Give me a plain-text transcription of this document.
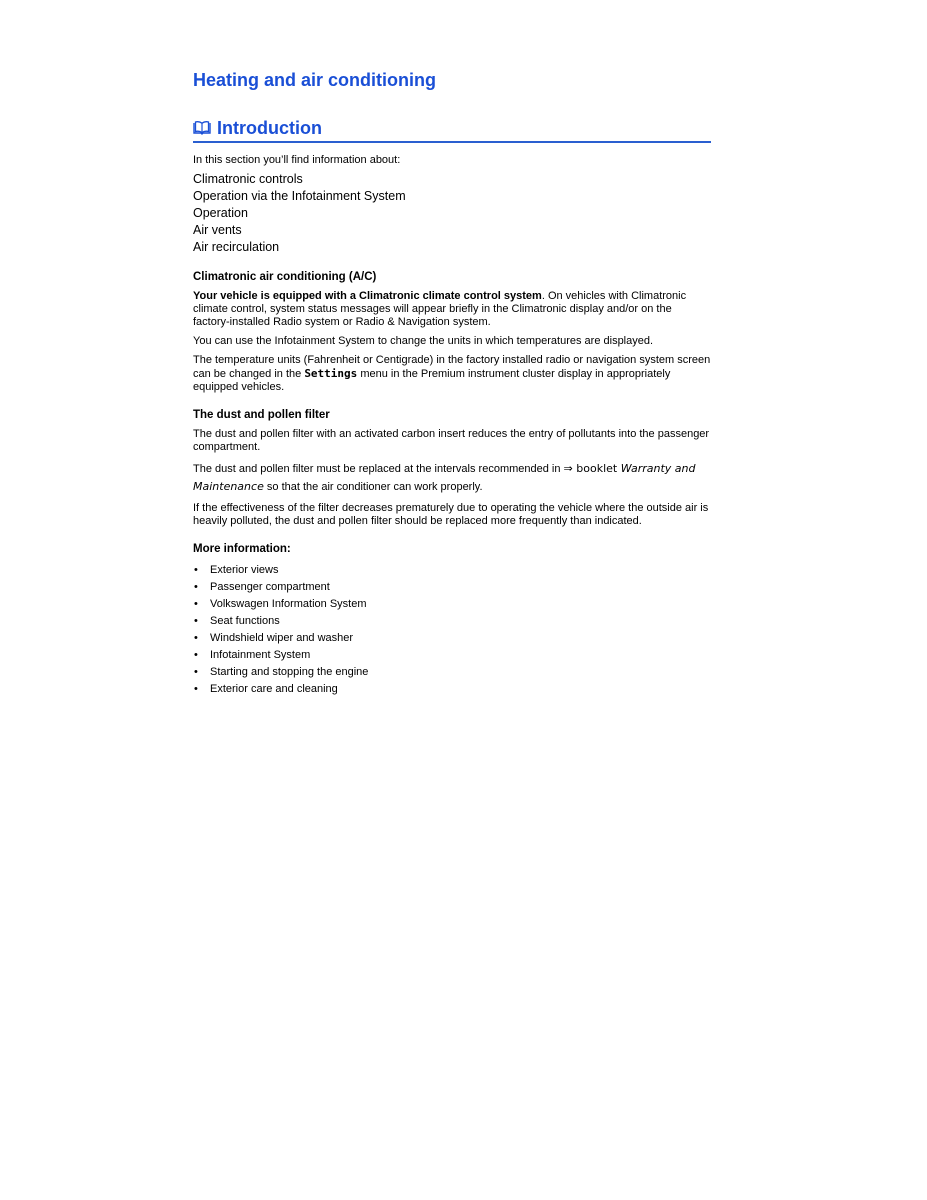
Heating and air conditioning
Introduction
In this section you’ll find information about:
Climatronic controls
Operation via the Infotainment System
Operation
Air vents
Air recirculation
Climatronic air conditioning (A/C)

Your vehicle is equipped with a Climatronic climate control system. On vehicles with Climatronic climate control, system status messages will appear briefly in the Climatronic display and/or on the factory-installed Radio system or Radio & Navigation system.

You can use the Infotainment System to change the units in which temperatures are displayed.

The temperature units (Fahrenheit or Centigrade) in the factory installed radio or navigation system screen can be changed in the Settings menu in the Premium instrument cluster display in appropriately equipped vehicles.

The dust and pollen filter

The dust and pollen filter with an activated carbon insert reduces the entry of pollutants into the passenger compartment.

The dust and pollen filter must be replaced at the intervals recommended in ⇒ booklet Warranty and Maintenance so that the air conditioner can work properly.

If the effectiveness of the filter decreases prematurely due to operating the vehicle where the outside air is heavily polluted, the dust and pollen filter should be replaced more frequently than indicated.

More information:
• Exterior views
• Passenger compartment
• Volkswagen Information System
• Seat functions
• Windshield wiper and washer
• Infotainment System
• Starting and stopping the engine
• Exterior care and cleaning
